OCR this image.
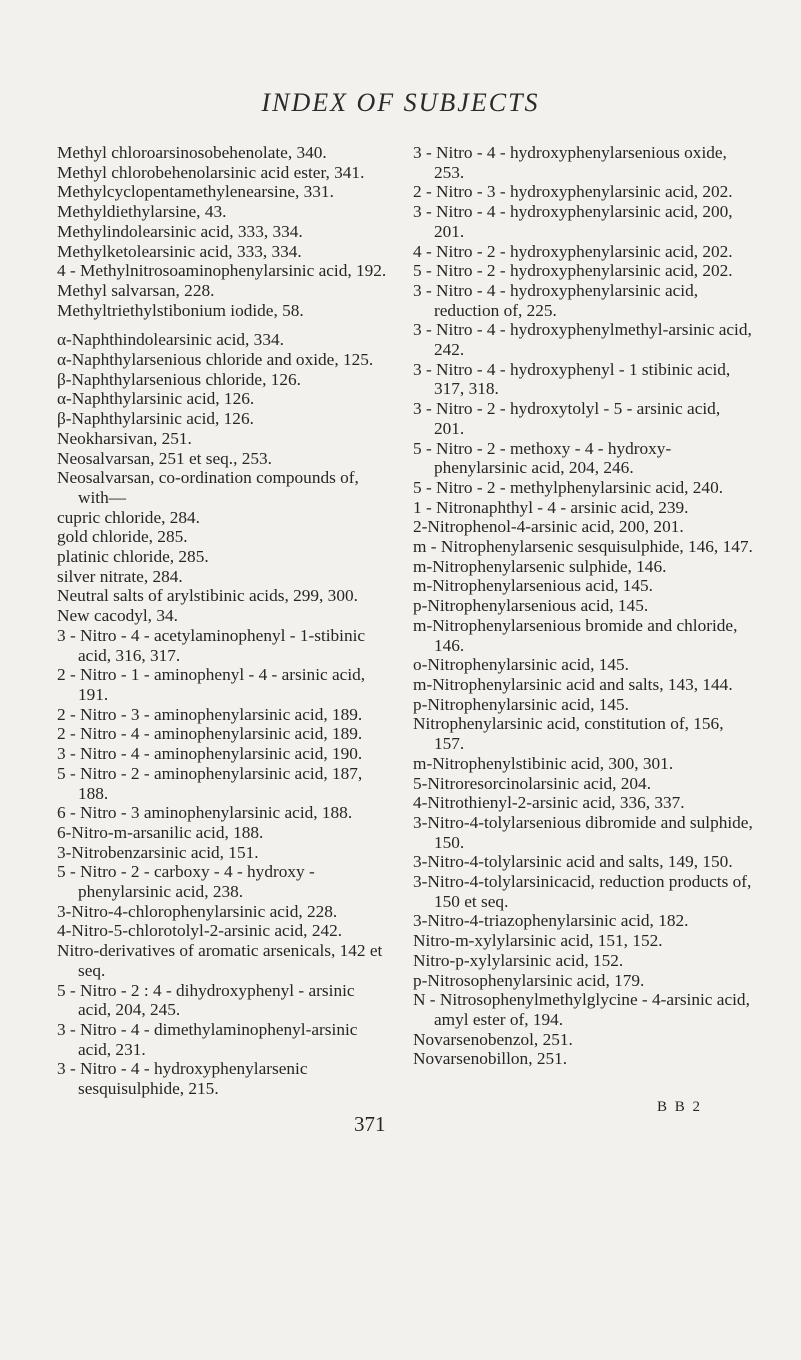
INDEX OF SUBJECTS
Methyl chloroarsinosobehenolate, 340.
Methyl chlorobehenolarsinic acid ester, 341.
Methylcyclopentamethylenearsine, 331.
Methyldiethylarsine, 43.
Methylindolearsinic acid, 333, 334.
Methylketolearsinic acid, 333, 334.
4 - Methylnitrosoaminophenylarsinic acid, 192.
Methyl salvarsan, 228.
Methyltriethylstibonium iodide, 58.
α-Naphthindolearsinic acid, 334.
α-Naphthylarsenious chloride and oxide, 125.
β-Naphthylarsenious chloride, 126.
α-Naphthylarsinic acid, 126.
β-Naphthylarsinic acid, 126.
Neokharsivan, 251.
Neosalvarsan, 251 et seq., 253.
Neosalvarsan, co-ordination compounds of, with—
cupric chloride, 284.
gold chloride, 285.
platinic chloride, 285.
silver nitrate, 284.
Neutral salts of arylstibinic acids, 299, 300.
New cacodyl, 34.
3 - Nitro - 4 - acetylaminophenyl - 1-stibinic acid, 316, 317.
2 - Nitro - 1 - aminophenyl - 4 - arsinic acid, 191.
2 - Nitro - 3 - aminophenylarsinic acid, 189.
2 - Nitro - 4 - aminophenylarsinic acid, 189.
3 - Nitro - 4 - aminophenylarsinic acid, 190.
5 - Nitro - 2 - aminophenylarsinic acid, 187, 188.
6 - Nitro - 3 aminophenylarsinic acid, 188.
6-Nitro-m-arsanilic acid, 188.
3-Nitrobenzarsinic acid, 151.
5 - Nitro - 2 - carboxy - 4 - hydroxy - phenylarsinic acid, 238.
3-Nitro-4-chlorophenylarsinic acid, 228.
4-Nitro-5-chlorotolyl-2-arsinic acid, 242.
Nitro-derivatives of aromatic arsenicals, 142 et seq.
5 - Nitro - 2 : 4 - dihydroxyphenyl - arsinic acid, 204, 245.
3 - Nitro - 4 - dimethylaminophenyl-arsinic acid, 231.
3 - Nitro - 4 - hydroxyphenylarsenic sesquisulphide, 215.
3 - Nitro - 4 - hydroxyphenylarsenious oxide, 253.
2 - Nitro - 3 - hydroxyphenylarsinic acid, 202.
3 - Nitro - 4 - hydroxyphenylarsinic acid, 200, 201.
4 - Nitro - 2 - hydroxyphenylarsinic acid, 202.
5 - Nitro - 2 - hydroxyphenylarsinic acid, 202.
3 - Nitro - 4 - hydroxyphenylarsinic acid, reduction of, 225.
3 - Nitro - 4 - hydroxyphenylmethyl-arsinic acid, 242.
3 - Nitro - 4 - hydroxyphenyl - 1 stibinic acid, 317, 318.
3 - Nitro - 2 - hydroxytolyl - 5 - arsinic acid, 201.
5 - Nitro - 2 - methoxy - 4 - hydroxy-phenylarsinic acid, 204, 246.
5 - Nitro - 2 - methylphenylarsinic acid, 240.
1 - Nitronaphthyl - 4 - arsinic acid, 239.
2-Nitrophenol-4-arsinic acid, 200, 201.
m - Nitrophenylarsenic sesquisulphide, 146, 147.
m-Nitrophenylarsenic sulphide, 146.
m-Nitrophenylarsenious acid, 145.
p-Nitrophenylarsenious acid, 145.
m-Nitrophenylarsenious bromide and chloride, 146.
o-Nitrophenylarsinic acid, 145.
m-Nitrophenylarsinic acid and salts, 143, 144.
p-Nitrophenylarsinic acid, 145.
Nitrophenylarsinic acid, constitution of, 156, 157.
m-Nitrophenylstibinic acid, 300, 301.
5-Nitroresorcinolarsinic acid, 204.
4-Nitrothienyl-2-arsinic acid, 336, 337.
3-Nitro-4-tolylarsenious dibromide and sulphide, 150.
3-Nitro-4-tolylarsinic acid and salts, 149, 150.
3-Nitro-4-tolylarsinicacid, reduction products of, 150 et seq.
3-Nitro-4-triazophenylarsinic acid, 182.
Nitro-m-xylylarsinic acid, 151, 152.
Nitro-p-xylylarsinic acid, 152.
p-Nitrosophenylarsinic acid, 179.
N - Nitrosophenylmethylglycine - 4-arsinic acid, amyl ester of, 194.
Novarsenobenzol, 251.
Novarsenobillon, 251.
371
B B 2
